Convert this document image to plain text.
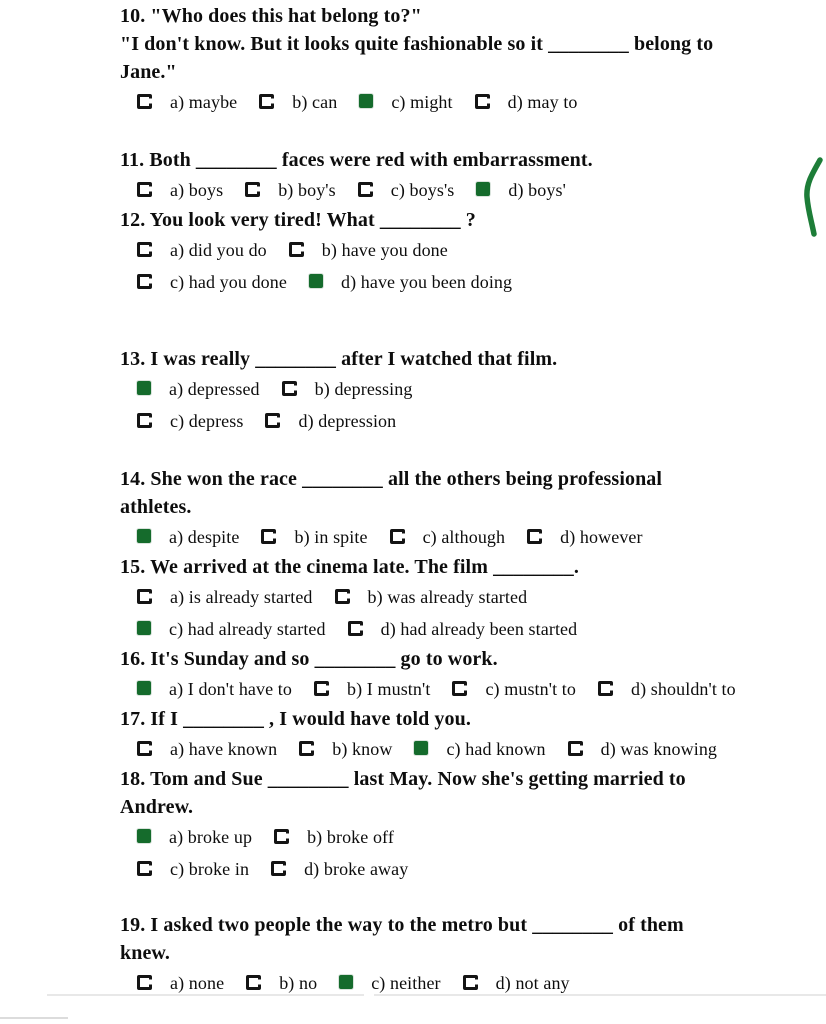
10. "Who does this hat belong to?"
"I don't know. But it looks quite fashionable so it ________ belong to
Jane."
a) maybe	b) can	c) might	d) may to
11. Both ________ faces were red with embarrassment.
a) boys	b) boy's	c) boys's	d) boys'
12. You look very tired! What ________ ?
a) did you do	b) have you done
c) had you done	d) have you been doing
13. I was really ________ after I watched that film.
a) depressed	b) depressing
c) depress	d) depression
14. She won the race ________ all the others being professional
athletes.
a) despite	b) in spite	c) although	d) however
15. We arrived at the cinema late. The film ________.
a) is already started	b) was already started
c) had already started	d) had already been started
16. It's Sunday and so ________ go to work.
a) I don't have to	b) I mustn't	c) mustn't to	d) shouldn't to
17. If I ________ , I would have told you.
a) have known	b) know	c) had known	d) was knowing
18. Tom and Sue ________ last May. Now she's getting married to
Andrew.
a) broke up	b) broke off
c) broke in	d) broke away
19. I asked two people the way to the metro but ________ of them
knew.
a) none	b) no	c) neither	d) not any
